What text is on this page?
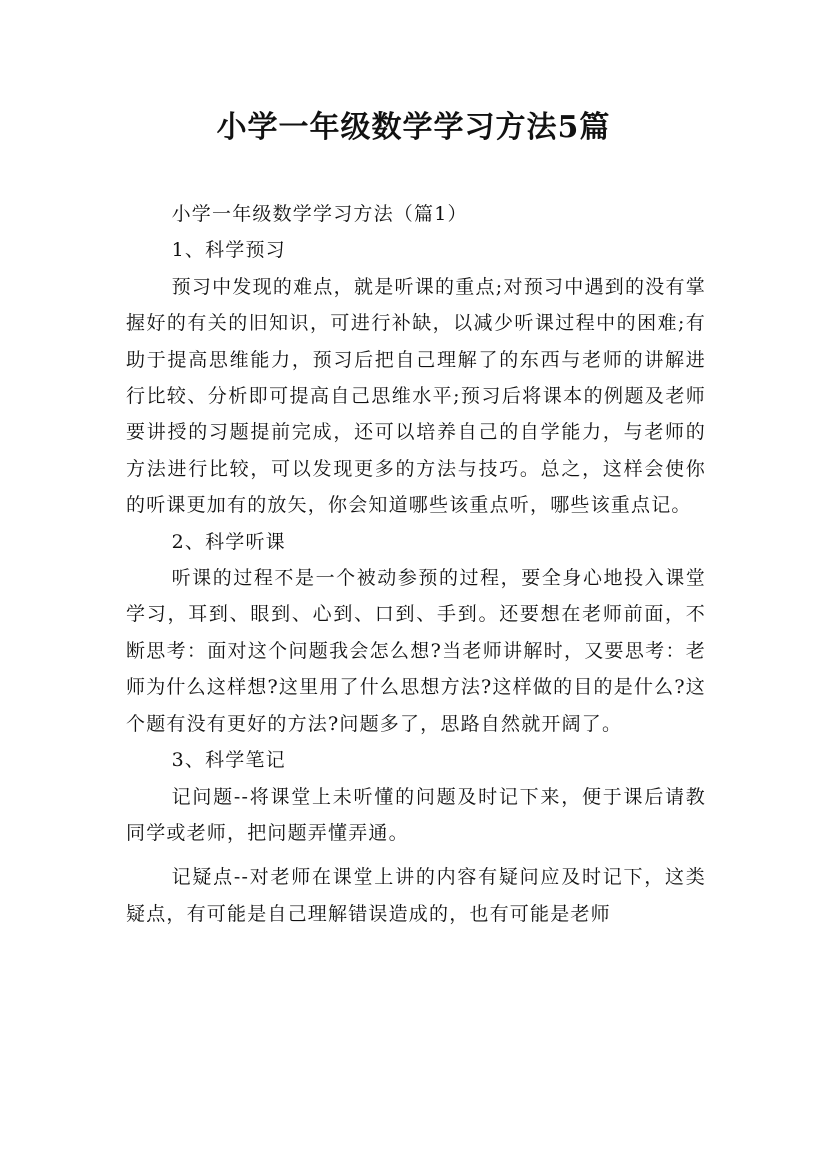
小学一年级数学学习方法5篇

小学一年级数学学习方法（篇1）

1、科学预习

预习中发现的难点，就是听课的重点;对预习中遇到的没有掌握好的有关的旧知识，可进行补缺，以减少听课过程中的困难;有助于提高思维能力，预习后把自己理解了的东西与老师的讲解进行比较、分析即可提高自己思维水平;预习后将课本的例题及老师要讲授的习题提前完成，还可以培养自己的自学能力，与老师的方法进行比较，可以发现更多的方法与技巧。总之，这样会使你的听课更加有的放矢，你会知道哪些该重点听，哪些该重点记。

2、科学听课

听课的过程不是一个被动参预的过程，要全身心地投入课堂学习，耳到、眼到、心到、口到、手到。还要想在老师前面，不断思考：面对这个问题我会怎么想?当老师讲解时，又要思考：老师为什么这样想?这里用了什么思想方法?这样做的目的是什么?这个题有没有更好的方法?问题多了，思路自然就开阔了。

3、科学笔记

记问题--将课堂上未听懂的问题及时记下来，便于课后请教同学或老师，把问题弄懂弄通。

记疑点--对老师在课堂上讲的内容有疑问应及时记下，这类疑点，有可能是自己理解错误造成的，也有可能是老师
